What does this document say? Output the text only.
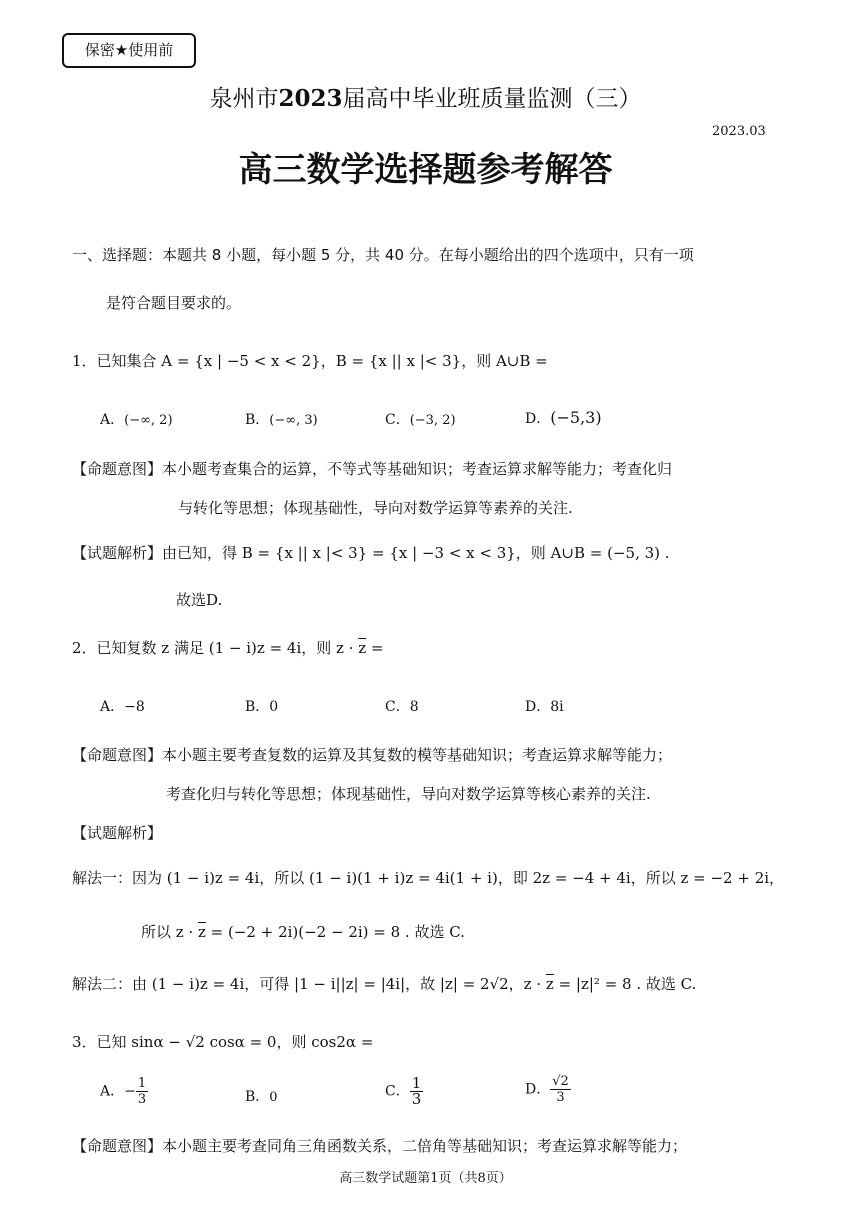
保密★使用前
泉州市2023届高中毕业班质量监测（三）
2023.03
高三数学选择题参考解答
一、选择题：本题共 8 小题，每小题 5 分，共 40 分。在每小题给出的四个选项中，只有一项
是符合题目要求的。
1．已知集合 A = {x | −5 < x < 2}，B = {x || x |< 3}，则 A∪B =
A．(−∞, 2)	B．(−∞, 3)	C．(−3, 2)	D．(−5,3)
【命题意图】本小题考查集合的运算，不等式等基础知识；考查运算求解等能力；考查化归
与转化等思想；体现基础性，导向对数学运算等素养的关注.
【试题解析】由已知，得 B = {x || x |< 3} = {x | −3 < x < 3}，则 A∪B = (−5, 3) .
故选D.
2．已知复数 z 满足 (1 − i)z = 4i，则 $z \cdot \overline{z}$ =
A．−8	B．0	C．8	D．8i
【命题意图】本小题主要考查复数的运算及其复数的模等基础知识；考查运算求解等能力；
考查化归与转化等思想；体现基础性，导向对数学运算等核心素养的关注.
【试题解析】
解法一：因为 (1 − i)z = 4i，所以 (1 − i)(1 + i)z = 4i(1 + i)，即 2z = −4 + 4i，所以 z = −2 + 2i，
所以 $z \cdot \overline{z} = (-2 + 2i)(-2 - 2i) = 8$ . 故选 C.
解法二：由 (1 − i)z = 4i，可得 |1 − i||z| = |4i|，故 |z| = 2√2，$z \cdot \overline{z} = |z|^2 = 8$ . 故选 C.
3．已知 sinα − √2 cosα = 0，则 cos2α =
A．− $\frac{1}{3}$	B．0	C． $\frac{1}{3}$	D． $\frac{√2}{3}$
【命题意图】本小题主要考查同角三角函数关系，二倍角等基础知识；考查运算求解等能力；
高三数学试题第1页（共8页）
